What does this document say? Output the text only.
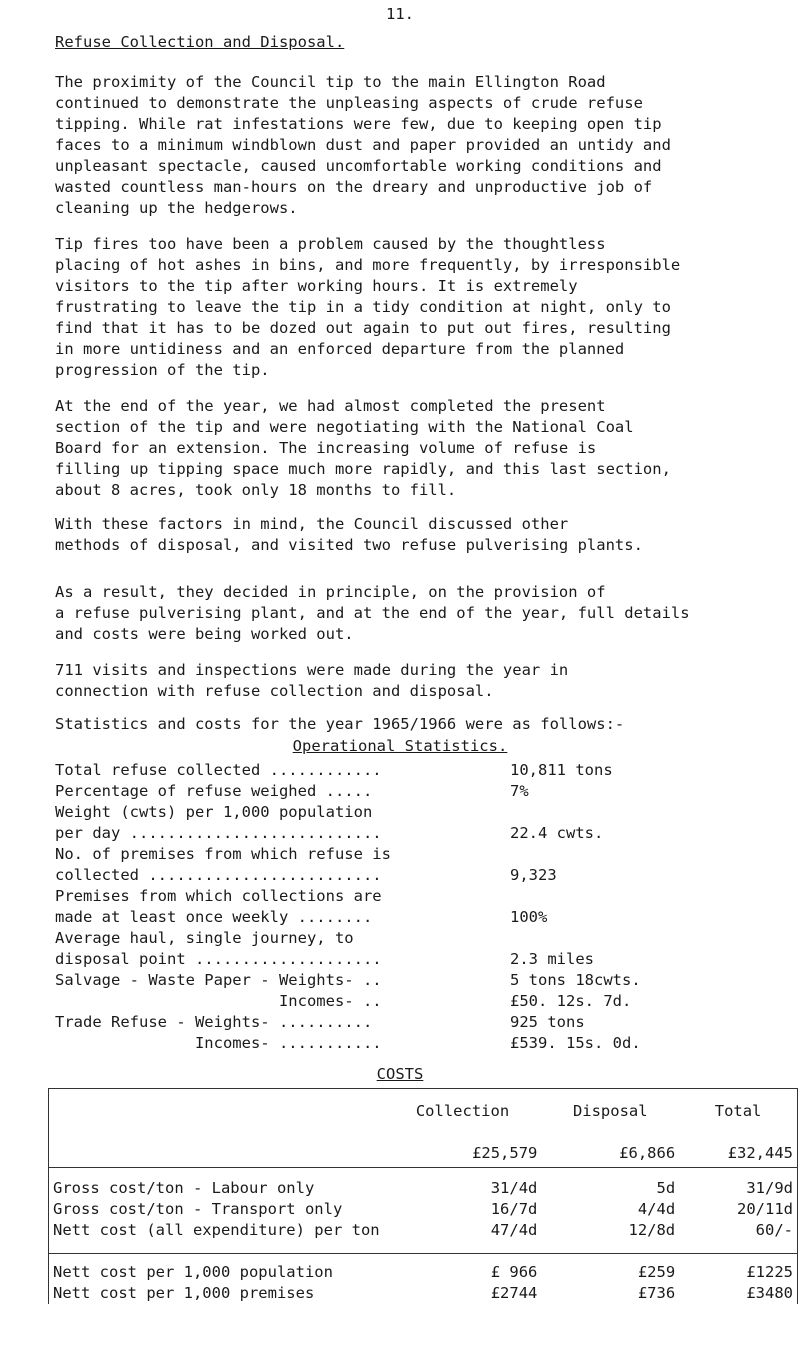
11.
Refuse Collection and Disposal.
The proximity of the Council tip to the main Ellington Road
continued to demonstrate the unpleasing aspects of crude refuse
tipping. While rat infestations were few, due to keeping open tip
faces to a minimum windblown dust and paper provided an untidy and
unpleasant spectacle, caused uncomfortable working conditions and
wasted countless man-hours on the dreary and unproductive job of
cleaning up the hedgerows.
Tip fires too have been a problem caused by the thoughtless
placing of hot ashes in bins, and more frequently, by irresponsible
visitors to the tip after working hours. It is extremely
frustrating to leave the tip in a tidy condition at night, only to
find that it has to be dozed out again to put out fires, resulting
in more untidiness and an enforced departure from the planned
progression of the tip.
At the end of the year, we had almost completed the present
section of the tip and were negotiating with the National Coal
Board for an extension. The increasing volume of refuse is
filling up tipping space much more rapidly, and this last section,
about 8 acres, took only 18 months to fill.
With these factors in mind, the Council discussed other
methods of disposal, and visited two refuse pulverising plants.
As a result, they decided in principle, on the provision of
a refuse pulverising plant, and at the end of the year, full details
and costs were being worked out.
711 visits and inspections were made during the year in
connection with refuse collection and disposal.
Statistics and costs for the year 1965/1966 were as follows:-
Operational Statistics.
Total refuse collected ............	10,811 tons
Percentage of refuse weighed .....	7%
Weight (cwts) per 1,000 population
per day ...........................	22.4 cwts.
No. of premises from which refuse is
collected .........................	9,323
Premises from which collections are
made at least once weekly ........	100%
Average haul, single journey, to
disposal point ....................	2.3 miles
Salvage - Waste Paper - Weights- ..	5 tons 18cwts.
Incomes- ..	£50. 12s. 7d.
Trade Refuse - Weights- ..........	925 tons
Incomes- ...........	£539. 15s. 0d.
COSTS
	Collection	Disposal	Total
	£25,579	£6,866	£32,445
Gross cost/ton - Labour only	31/4d	5d	31/9d
Gross cost/ton - Transport only	16/7d	4/4d	20/11d
Nett cost (all expenditure) per ton	47/4d	12/8d	60/-
Nett cost per 1,000 population	£ 966	£259	£1225
Nett cost per 1,000 premises	£2744	£736	£3480
